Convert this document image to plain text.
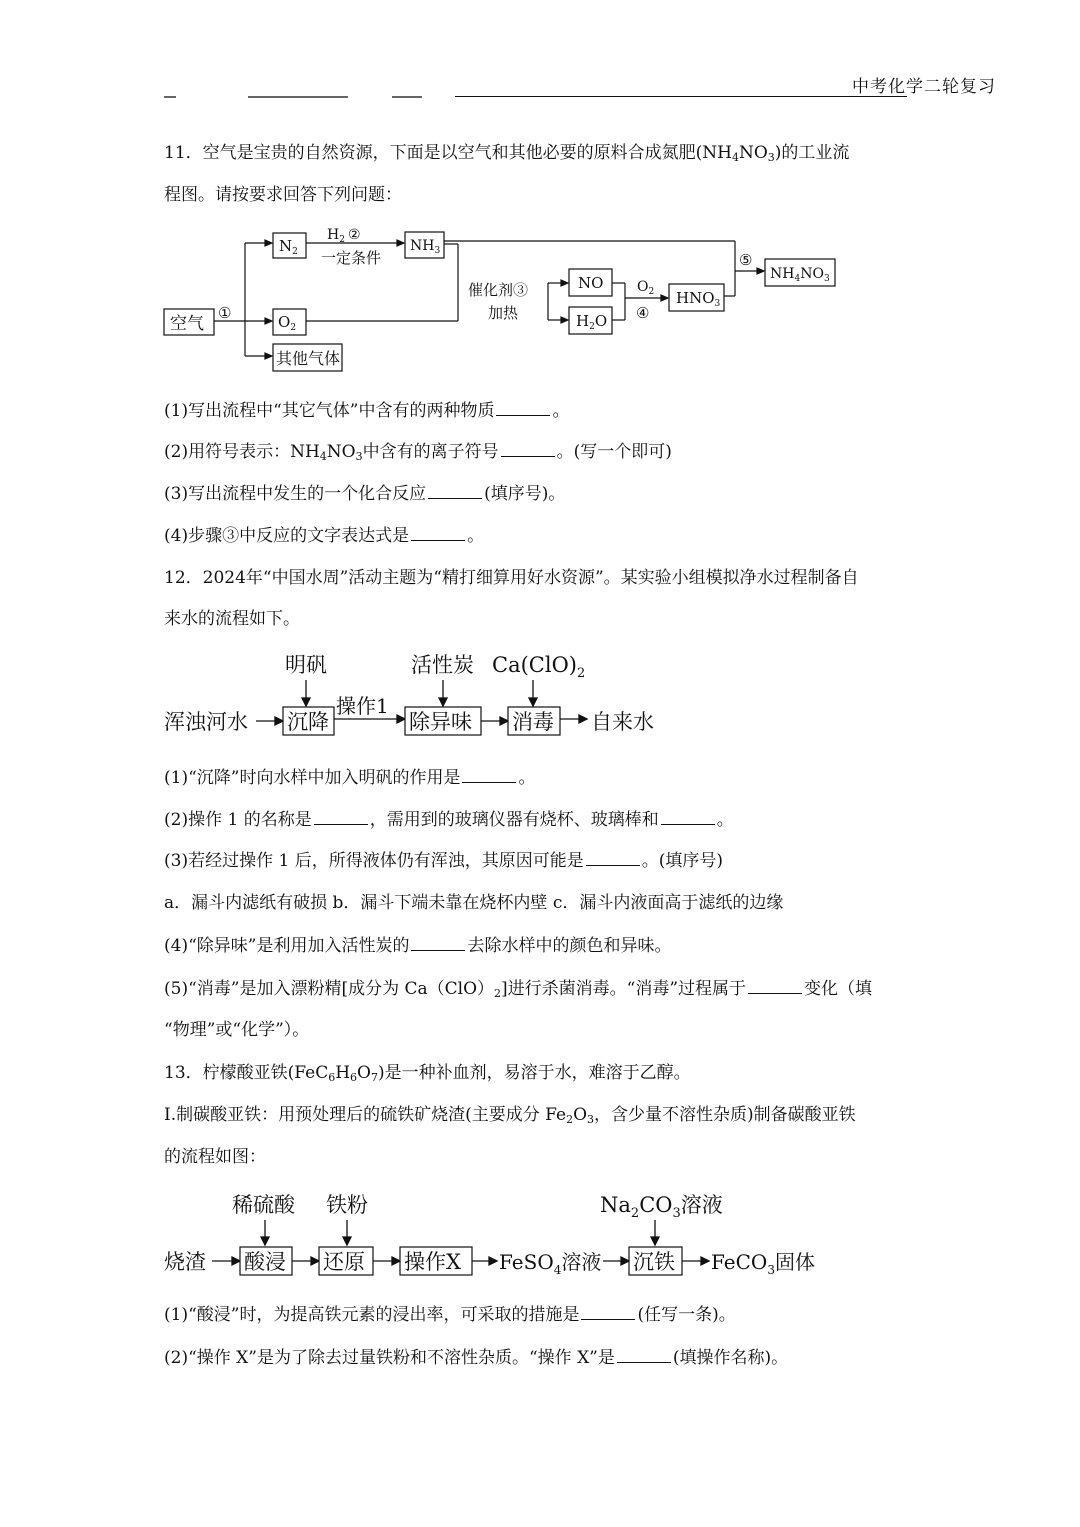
中考化学二轮复习
11．空气是宝贵的自然资源，下面是以空气和其他必要的原料合成氮肥$(NH_4NO_3)$的工业流
程图。请按要求回答下列问题：
空气
①
$N_2$
$O_2$
其他气体
$H_2$ ②
一定条件
$NH_3$
催化剂③
加热
NO
$H_2O$
$O_2$
④
$HNO_3$
⑤
$NH_4NO_3$
(1)写出流程中“其它气体”中含有的两种物质	。
(2)用符号表示：$NH_4NO_3$中含有的离子符号	。(写一个即可)
(3)写出流程中发生的一个化合反应	(填序号)。
(4)步骤③中反应的文字表达式是	。
12．2024年“中国水周”活动主题为“精打细算用好水资源”。某实验小组模拟净水过程制备自
来水的流程如下。
明矾	活性炭 $Ca(ClO)_2$
浑浊河水 沉降
操作1
除异味 消毒 自来水
(1)“沉降”时向水样中加入明矾的作用是	。
(2)操作 1 的名称是	，需用到的玻璃仪器有烧杯、玻璃棒和	。
(3)若经过操作 1 后，所得液体仍有浑浊，其原因可能是	。(填序号)
a．漏斗内滤纸有破损 b．漏斗下端未靠在烧杯内壁 c．漏斗内液面高于滤纸的边缘
(4)“除异味”是利用加入活性炭的	去除水样中的颜色和异味。
(5)“消毒”是加入漂粉精[成分为 $Ca(ClO)_2$]进行杀菌消毒。“消毒”过程属于	变化（填
“物理”或“化学”）。
13．柠檬酸亚铁$(FeC_6H_6O_7)$是一种补血剂，易溶于水，难溶于乙醇。
I.制碳酸亚铁：用预处理后的硫铁矿烧渣(主要成分 $Fe_2O_3$，含少量不溶性杂质)制备碳酸亚铁
的流程如图：
稀硫酸 铁粉	$Na_2CO_3$溶液
烧渣 酸浸 还原 操作X FeSO$_4$溶液 沉铁 FeCO$_3$固体
(1)“酸浸”时，为提高铁元素的浸出率，可采取的措施是	(任写一条)。
(2)“操作 X”是为了除去过量铁粉和不溶性杂质。“操作 X”是	(填操作名称)。
